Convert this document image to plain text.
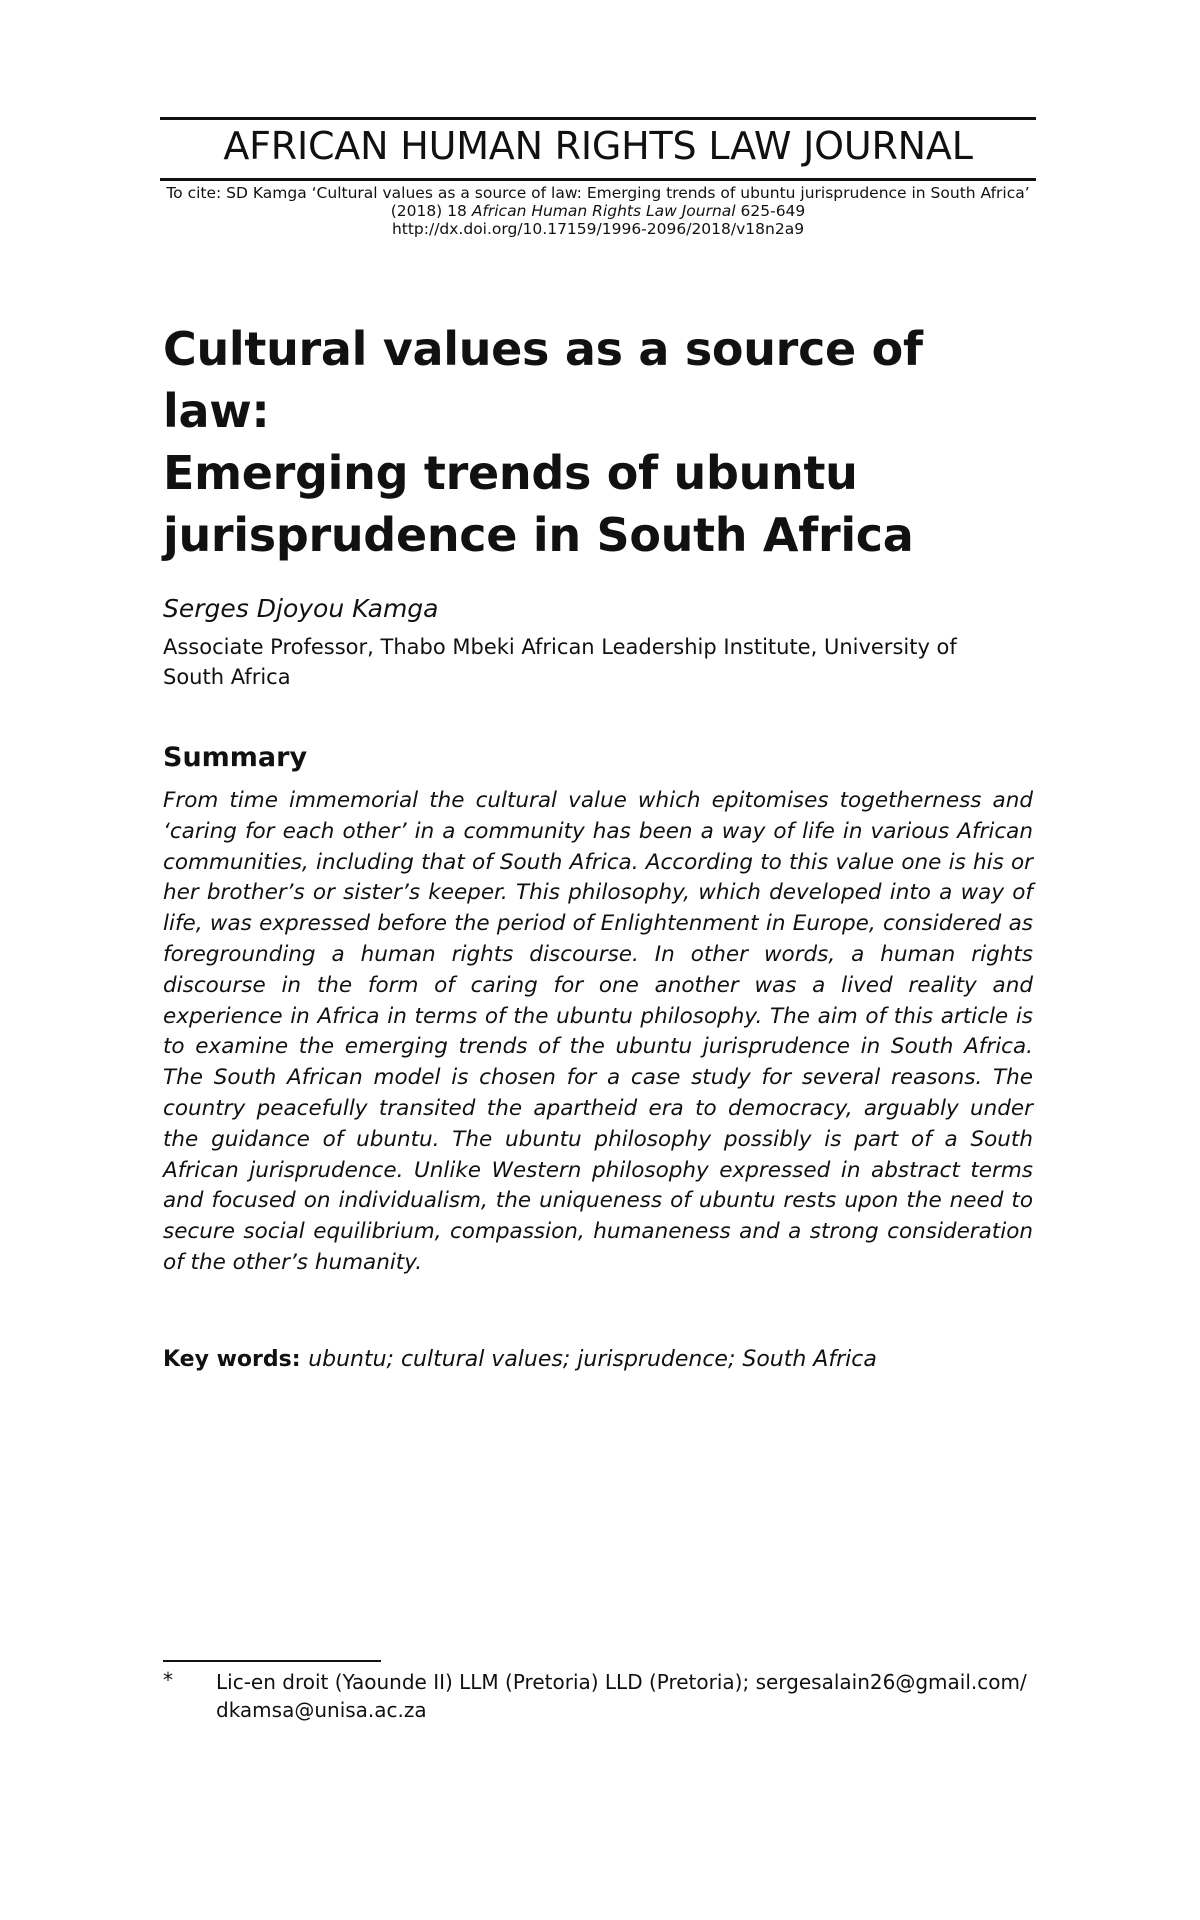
AFRICAN HUMAN RIGHTS LAW JOURNAL
To cite: SD Kamga ‘Cultural values as a source of law: Emerging trends of ubuntu jurisprudence in South Africa’ (2018) 18 African Human Rights Law Journal 625-649
http://dx.doi.org/10.17159/1996-2096/2018/v18n2a9
Cultural values as a source of law:
Emerging trends of ubuntu
jurisprudence in South Africa
Serges Djoyou Kamga
Associate Professor, Thabo Mbeki African Leadership Institute, University of South Africa
Summary
From time immemorial the cultural value which epitomises togetherness and ‘caring for each other’ in a community has been a way of life in various African communities, including that of South Africa. According to this value one is his or her brother’s or sister’s keeper. This philosophy, which developed into a way of life, was expressed before the period of Enlightenment in Europe, considered as foregrounding a human rights discourse. In other words, a human rights discourse in the form of caring for one another was a lived reality and experience in Africa in terms of the ubuntu philosophy. The aim of this article is to examine the emerging trends of the ubuntu jurisprudence in South Africa. The South African model is chosen for a case study for several reasons. The country peacefully transited the apartheid era to democracy, arguably under the guidance of ubuntu. The ubuntu philosophy possibly is part of a South African jurisprudence. Unlike Western philosophy expressed in abstract terms and focused on individualism, the uniqueness of ubuntu rests upon the need to secure social equilibrium, compassion, humaneness and a strong consideration of the other’s humanity.
Key words: ubuntu; cultural values; jurisprudence; South Africa
* Lic-en droit (Yaounde II) LLM (Pretoria) LLD (Pretoria); sergesalain26@gmail.com/ dkamsa@unisa.ac.za
